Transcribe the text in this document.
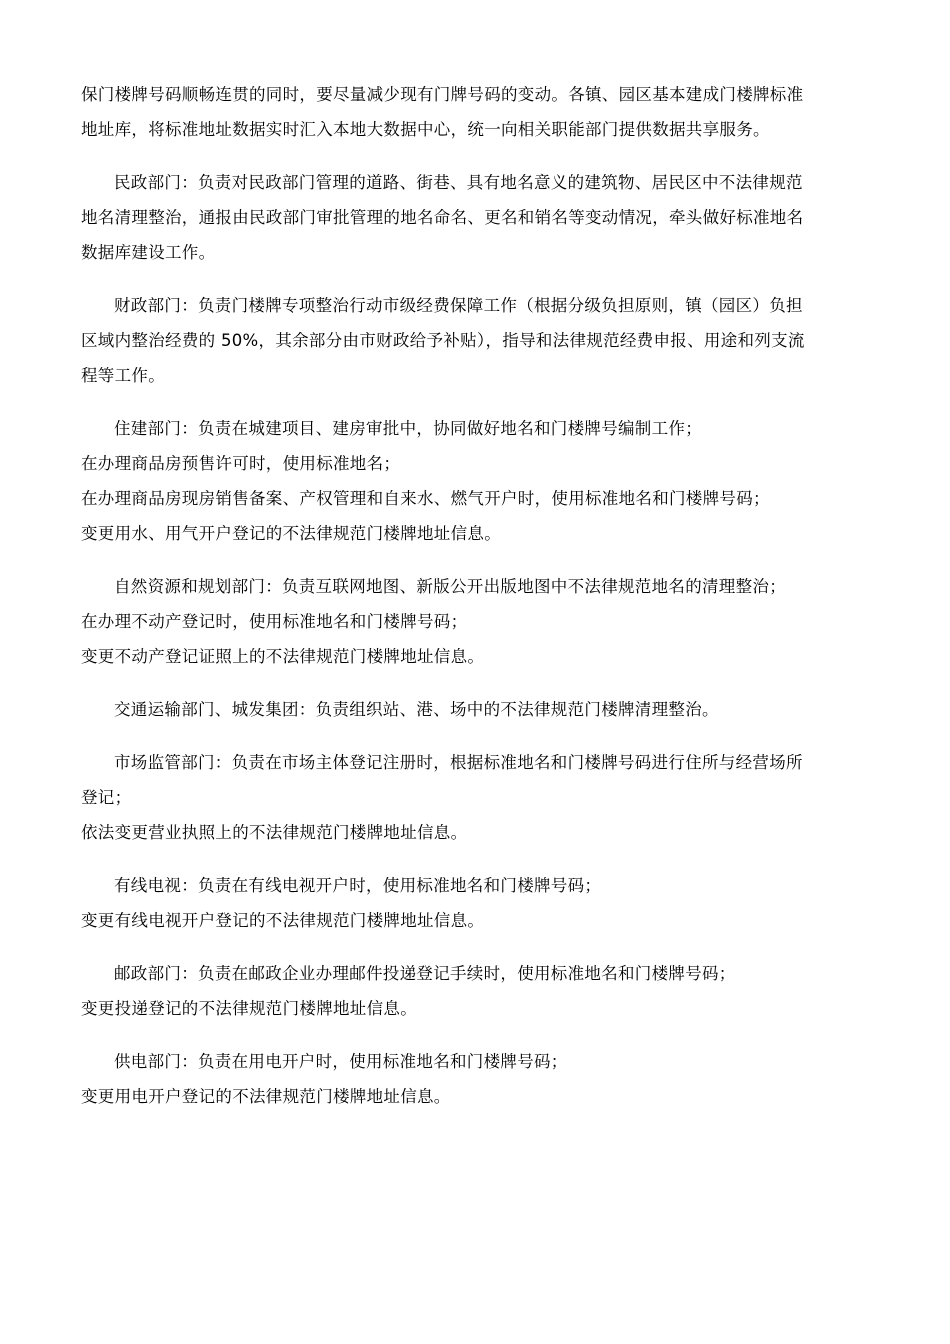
保门楼牌号码顺畅连贯的同时，要尽量减少现有门牌号码的变动。各镇、园区基本建成门楼牌标准
地址库，将标准地址数据实时汇入本地大数据中心，统一向相关职能部门提供数据共享服务。

民政部门：负责对民政部门管理的道路、街巷、具有地名意义的建筑物、居民区中不法律规范
地名清理整治，通报由民政部门审批管理的地名命名、更名和销名等变动情况，牵头做好标准地名
数据库建设工作。

财政部门：负责门楼牌专项整治行动市级经费保障工作（根据分级负担原则，镇（园区）负担
区域内整治经费的 50%，其余部分由市财政给予补贴），指导和法律规范经费申报、用途和列支流
程等工作。

住建部门：负责在城建项目、建房审批中，协同做好地名和门楼牌号编制工作；
在办理商品房预售许可时，使用标准地名；
在办理商品房现房销售备案、产权管理和自来水、燃气开户时，使用标准地名和门楼牌号码；
变更用水、用气开户登记的不法律规范门楼牌地址信息。

自然资源和规划部门：负责互联网地图、新版公开出版地图中不法律规范地名的清理整治；
在办理不动产登记时，使用标准地名和门楼牌号码；
变更不动产登记证照上的不法律规范门楼牌地址信息。

交通运输部门、城发集团：负责组织站、港、场中的不法律规范门楼牌清理整治。

市场监管部门：负责在市场主体登记注册时，根据标准地名和门楼牌号码进行住所与经营场所
登记；
依法变更营业执照上的不法律规范门楼牌地址信息。

有线电视：负责在有线电视开户时，使用标准地名和门楼牌号码；
变更有线电视开户登记的不法律规范门楼牌地址信息。

邮政部门：负责在邮政企业办理邮件投递登记手续时，使用标准地名和门楼牌号码；
变更投递登记的不法律规范门楼牌地址信息。

供电部门：负责在用电开户时，使用标准地名和门楼牌号码；
变更用电开户登记的不法律规范门楼牌地址信息。
